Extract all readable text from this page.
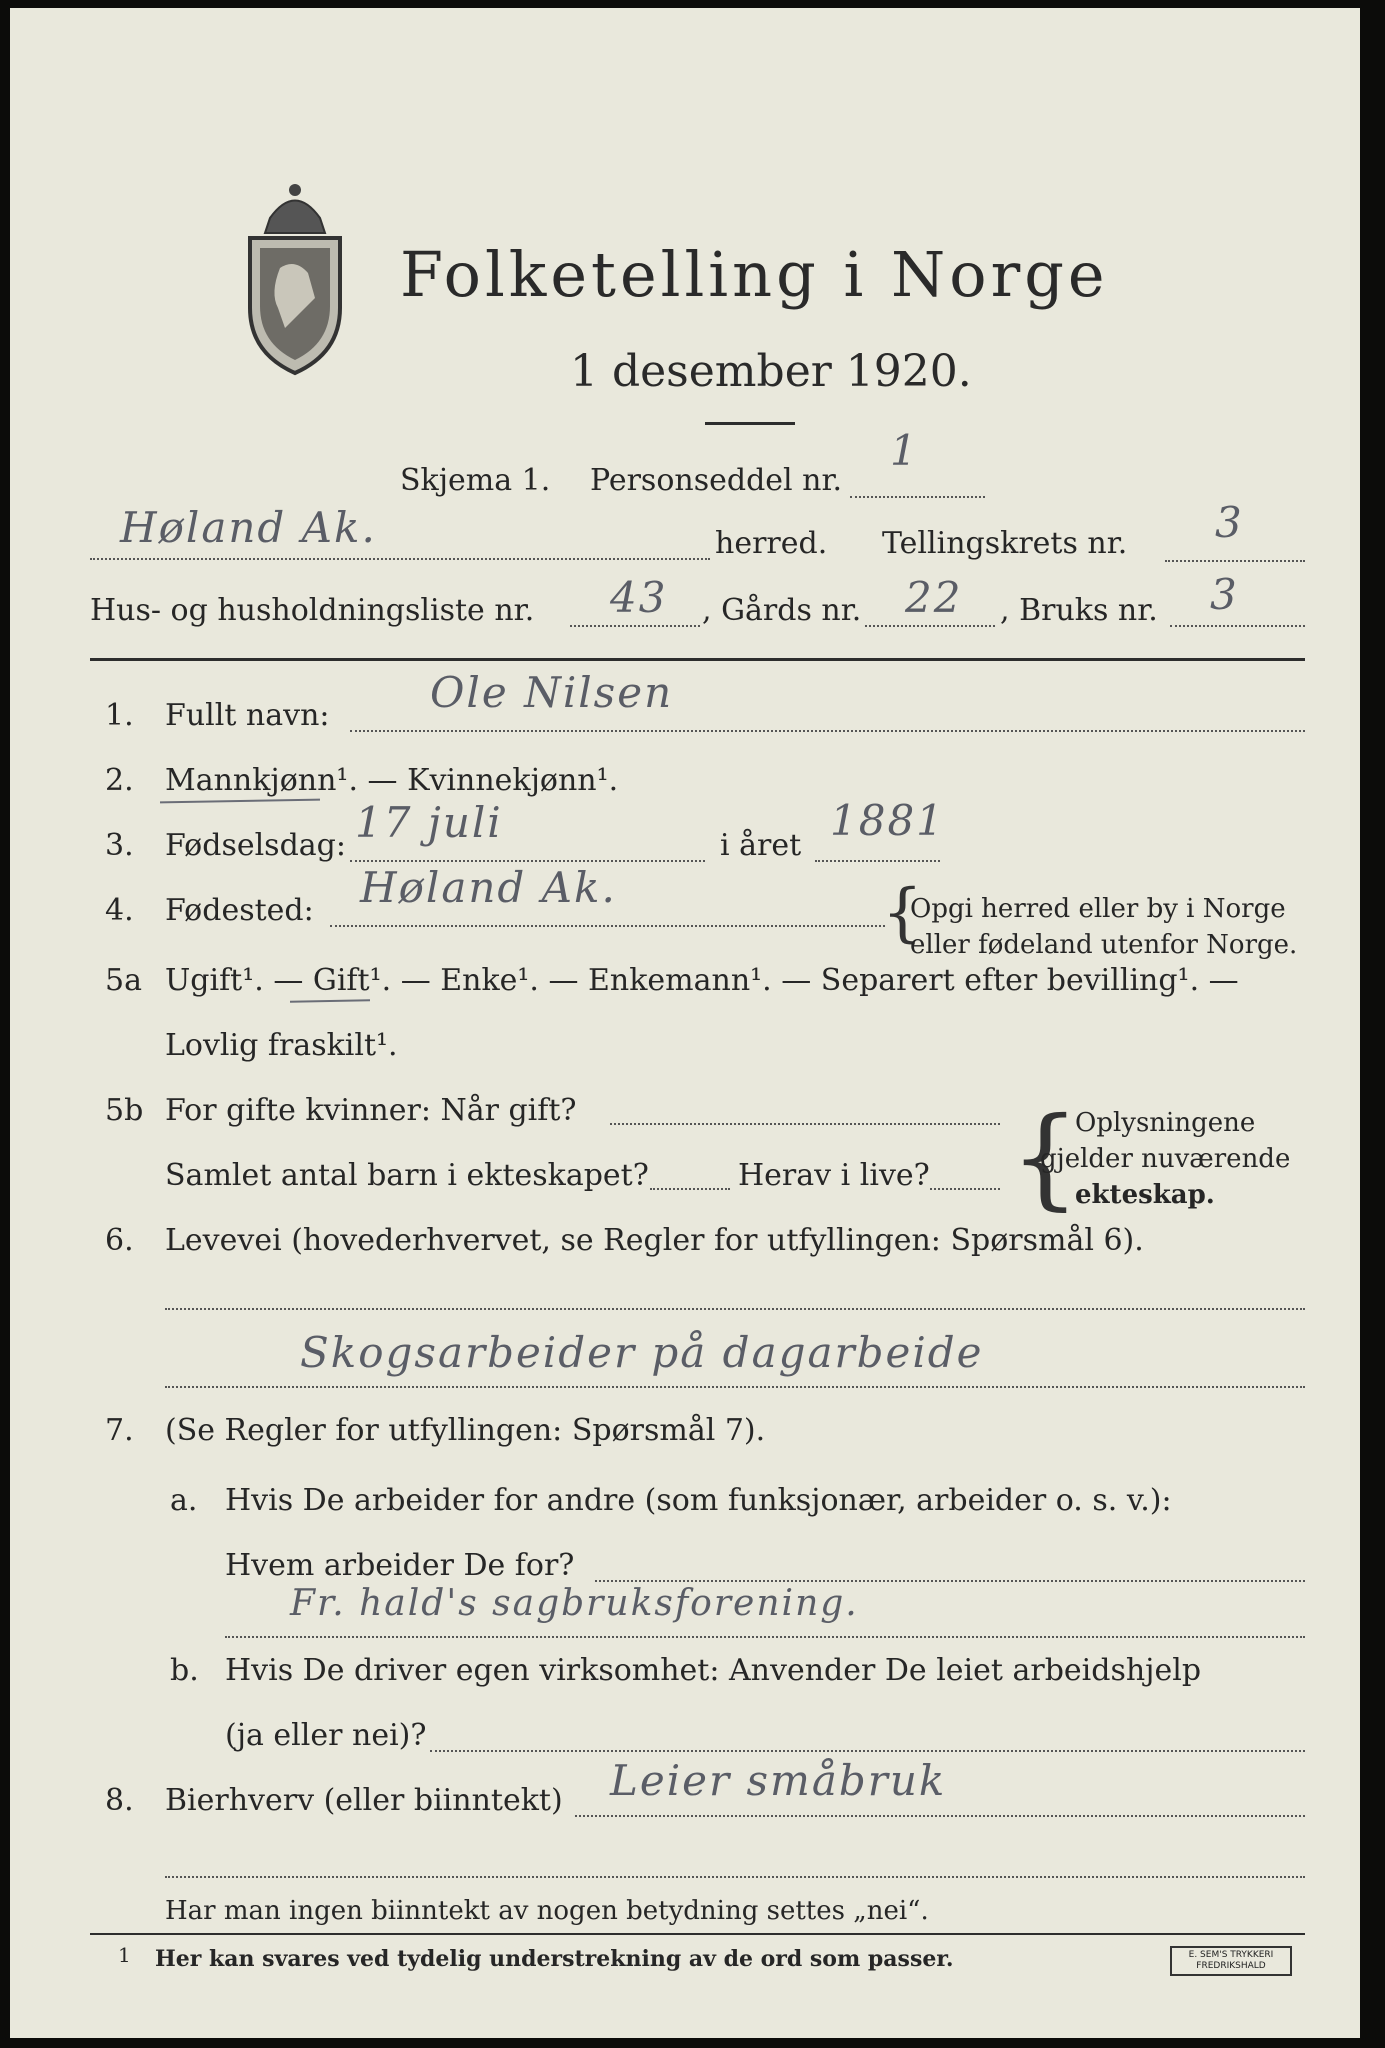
Folketelling i Norge
1 desember 1920.
Skjema 1. Personseddel nr.
1
Høland Ak.	herred. Tellingskrets nr. 3
Hus- og husholdningsliste nr. 43 , Gårds nr. 22 , Bruks nr. 3
1. Fullt navn: Ole Nilsen
2. Mannkjønn¹. — Kvinnekjønn¹.
3. Fødselsdag: 17 juli	i året
1881
4. Fødested: Høland Ak.	{
Opgi herred eller by i Norge
eller fødeland utenfor Norge.
5a Ugift¹. — Gift¹. — Enke¹. — Enkemann¹. — Separert efter bevilling¹. —
Lovlig fraskilt¹.
5b For gifte kvinner: Når gift?
Samlet antal barn i ekteskapet?	Herav i live? {
Oplysningene
gjelder nuværende
ekteskap.
6. Levevei (hovederhvervet, se Regler for utfyllingen: Spørsmål 6).
Skogsarbeider på dagarbeide
7. (Se Regler for utfyllingen: Spørsmål 7).
a. Hvis De arbeider for andre (som funksjonær, arbeider o. s. v.):
Hvem arbeider De for?
Fr. hald's sagbruksforening.
b. Hvis De driver egen virksomhet: Anvender De leiet arbeidshjelp
(ja eller nei)?
8. Bierhverv (eller biinntekt) Leier småbruk
Har man ingen biinntekt av nogen betydning settes „nei“.
1 Her kan svares ved tydelig understrekning av de ord som passer.	E. SEM'S TRYKKERI
FREDRIKSHALD
